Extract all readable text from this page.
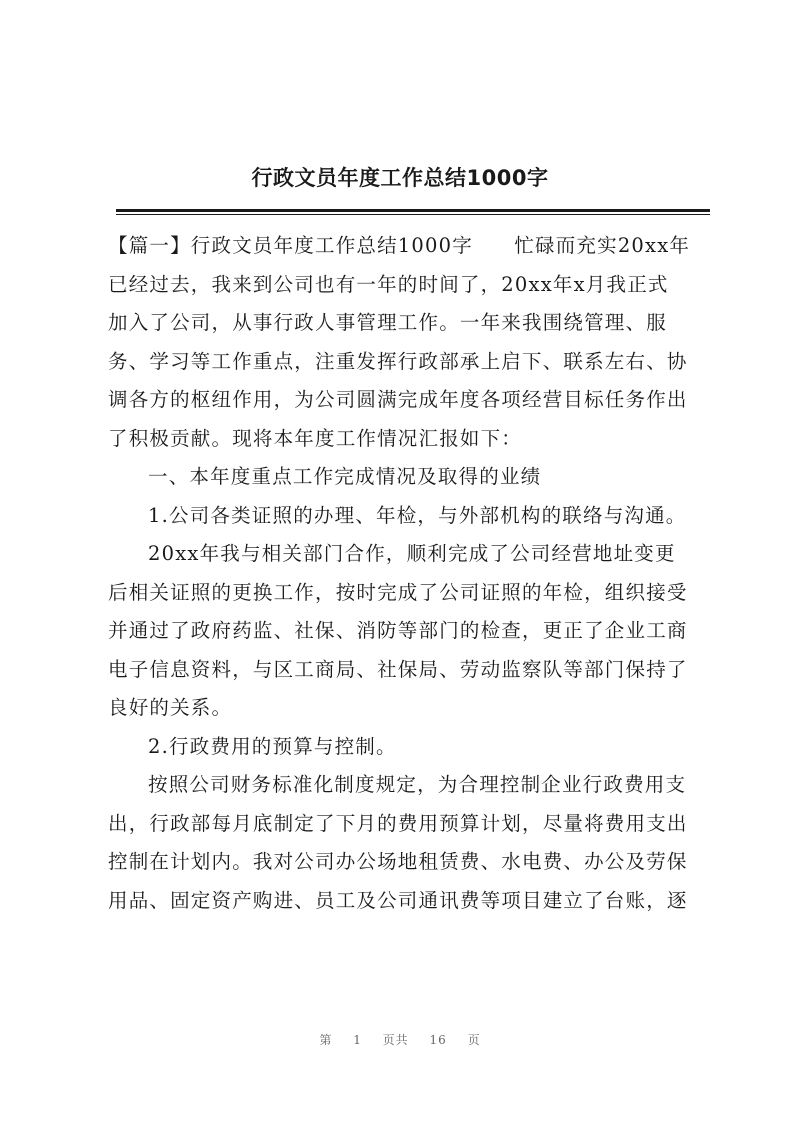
行政文员年度工作总结1000字
【篇一】行政文员年度工作总结1000字　　忙碌而充实20xx年
已经过去，我来到公司也有一年的时间了，20xx年x月我正式
加入了公司，从事行政人事管理工作。一年来我围绕管理、服
务、学习等工作重点，注重发挥行政部承上启下、联系左右、协
调各方的枢纽作用，为公司圆满完成年度各项经营目标任务作出
了积极贡献。现将本年度工作情况汇报如下：
一、本年度重点工作完成情况及取得的业绩
1.公司各类证照的办理、年检，与外部机构的联络与沟通。
20xx年我与相关部门合作，顺利完成了公司经营地址变更
后相关证照的更换工作，按时完成了公司证照的年检，组织接受
并通过了政府药监、社保、消防等部门的检查，更正了企业工商
电子信息资料，与区工商局、社保局、劳动监察队等部门保持了
良好的关系。
2.行政费用的预算与控制。
按照公司财务标准化制度规定，为合理控制企业行政费用支
出，行政部每月底制定了下月的费用预算计划，尽量将费用支出
控制在计划内。我对公司办公场地租赁费、水电费、办公及劳保
用品、固定资产购进、员工及公司通讯费等项目建立了台账，逐
第 1 页共 16 页
